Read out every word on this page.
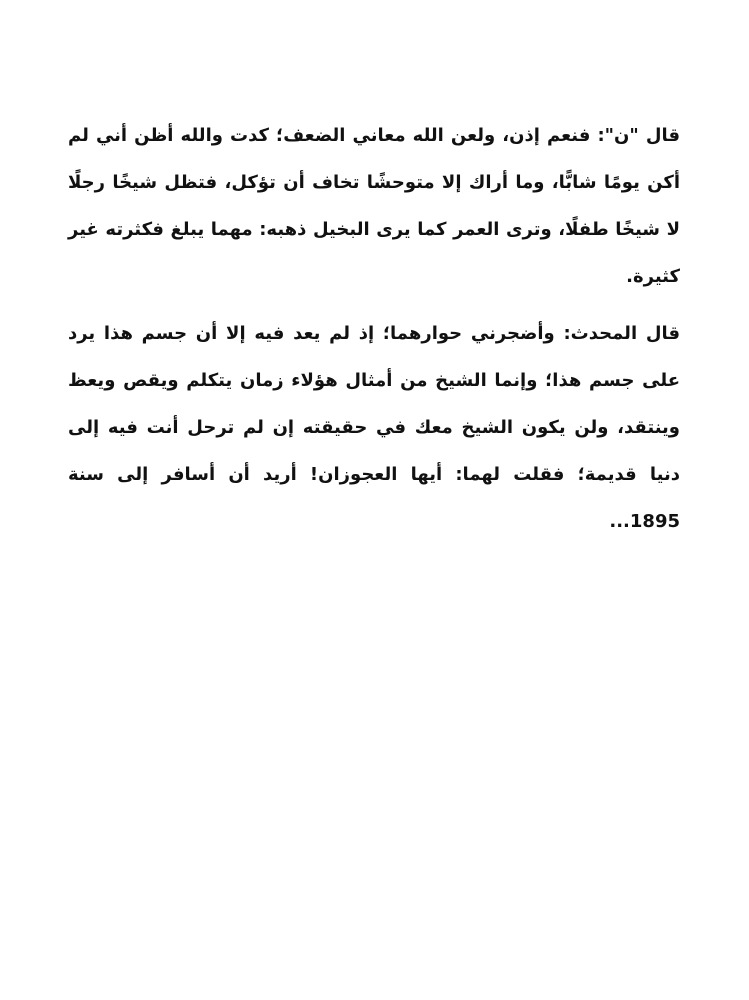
قال "ن": فنعم إذن، ولعن الله معاني الضعف؛ كدت والله أظن أني لم أكن يومًا شابًّا، وما أراك إلا متوحشًا تخاف أن تؤكل، فتظل شيخًا رجلًا لا شيخًا طفلًا، وترى العمر كما يرى البخيل ذهبه: مهما يبلغ فكثرته غير كثيرة.

قال المحدث: وأضجرني حوارهما؛ إذ لم يعد فيه إلا أن جسم هذا يرد على جسم هذا؛ وإنما الشيخ من أمثال هؤلاء زمان يتكلم ويقص ويعظ وينتقد، ولن يكون الشيخ معك في حقيقته إن لم ترحل أنت فيه إلى دنيا قديمة؛ فقلت لهما: أيها العجوزان! أريد أن أسافر إلى سنة 1895...
